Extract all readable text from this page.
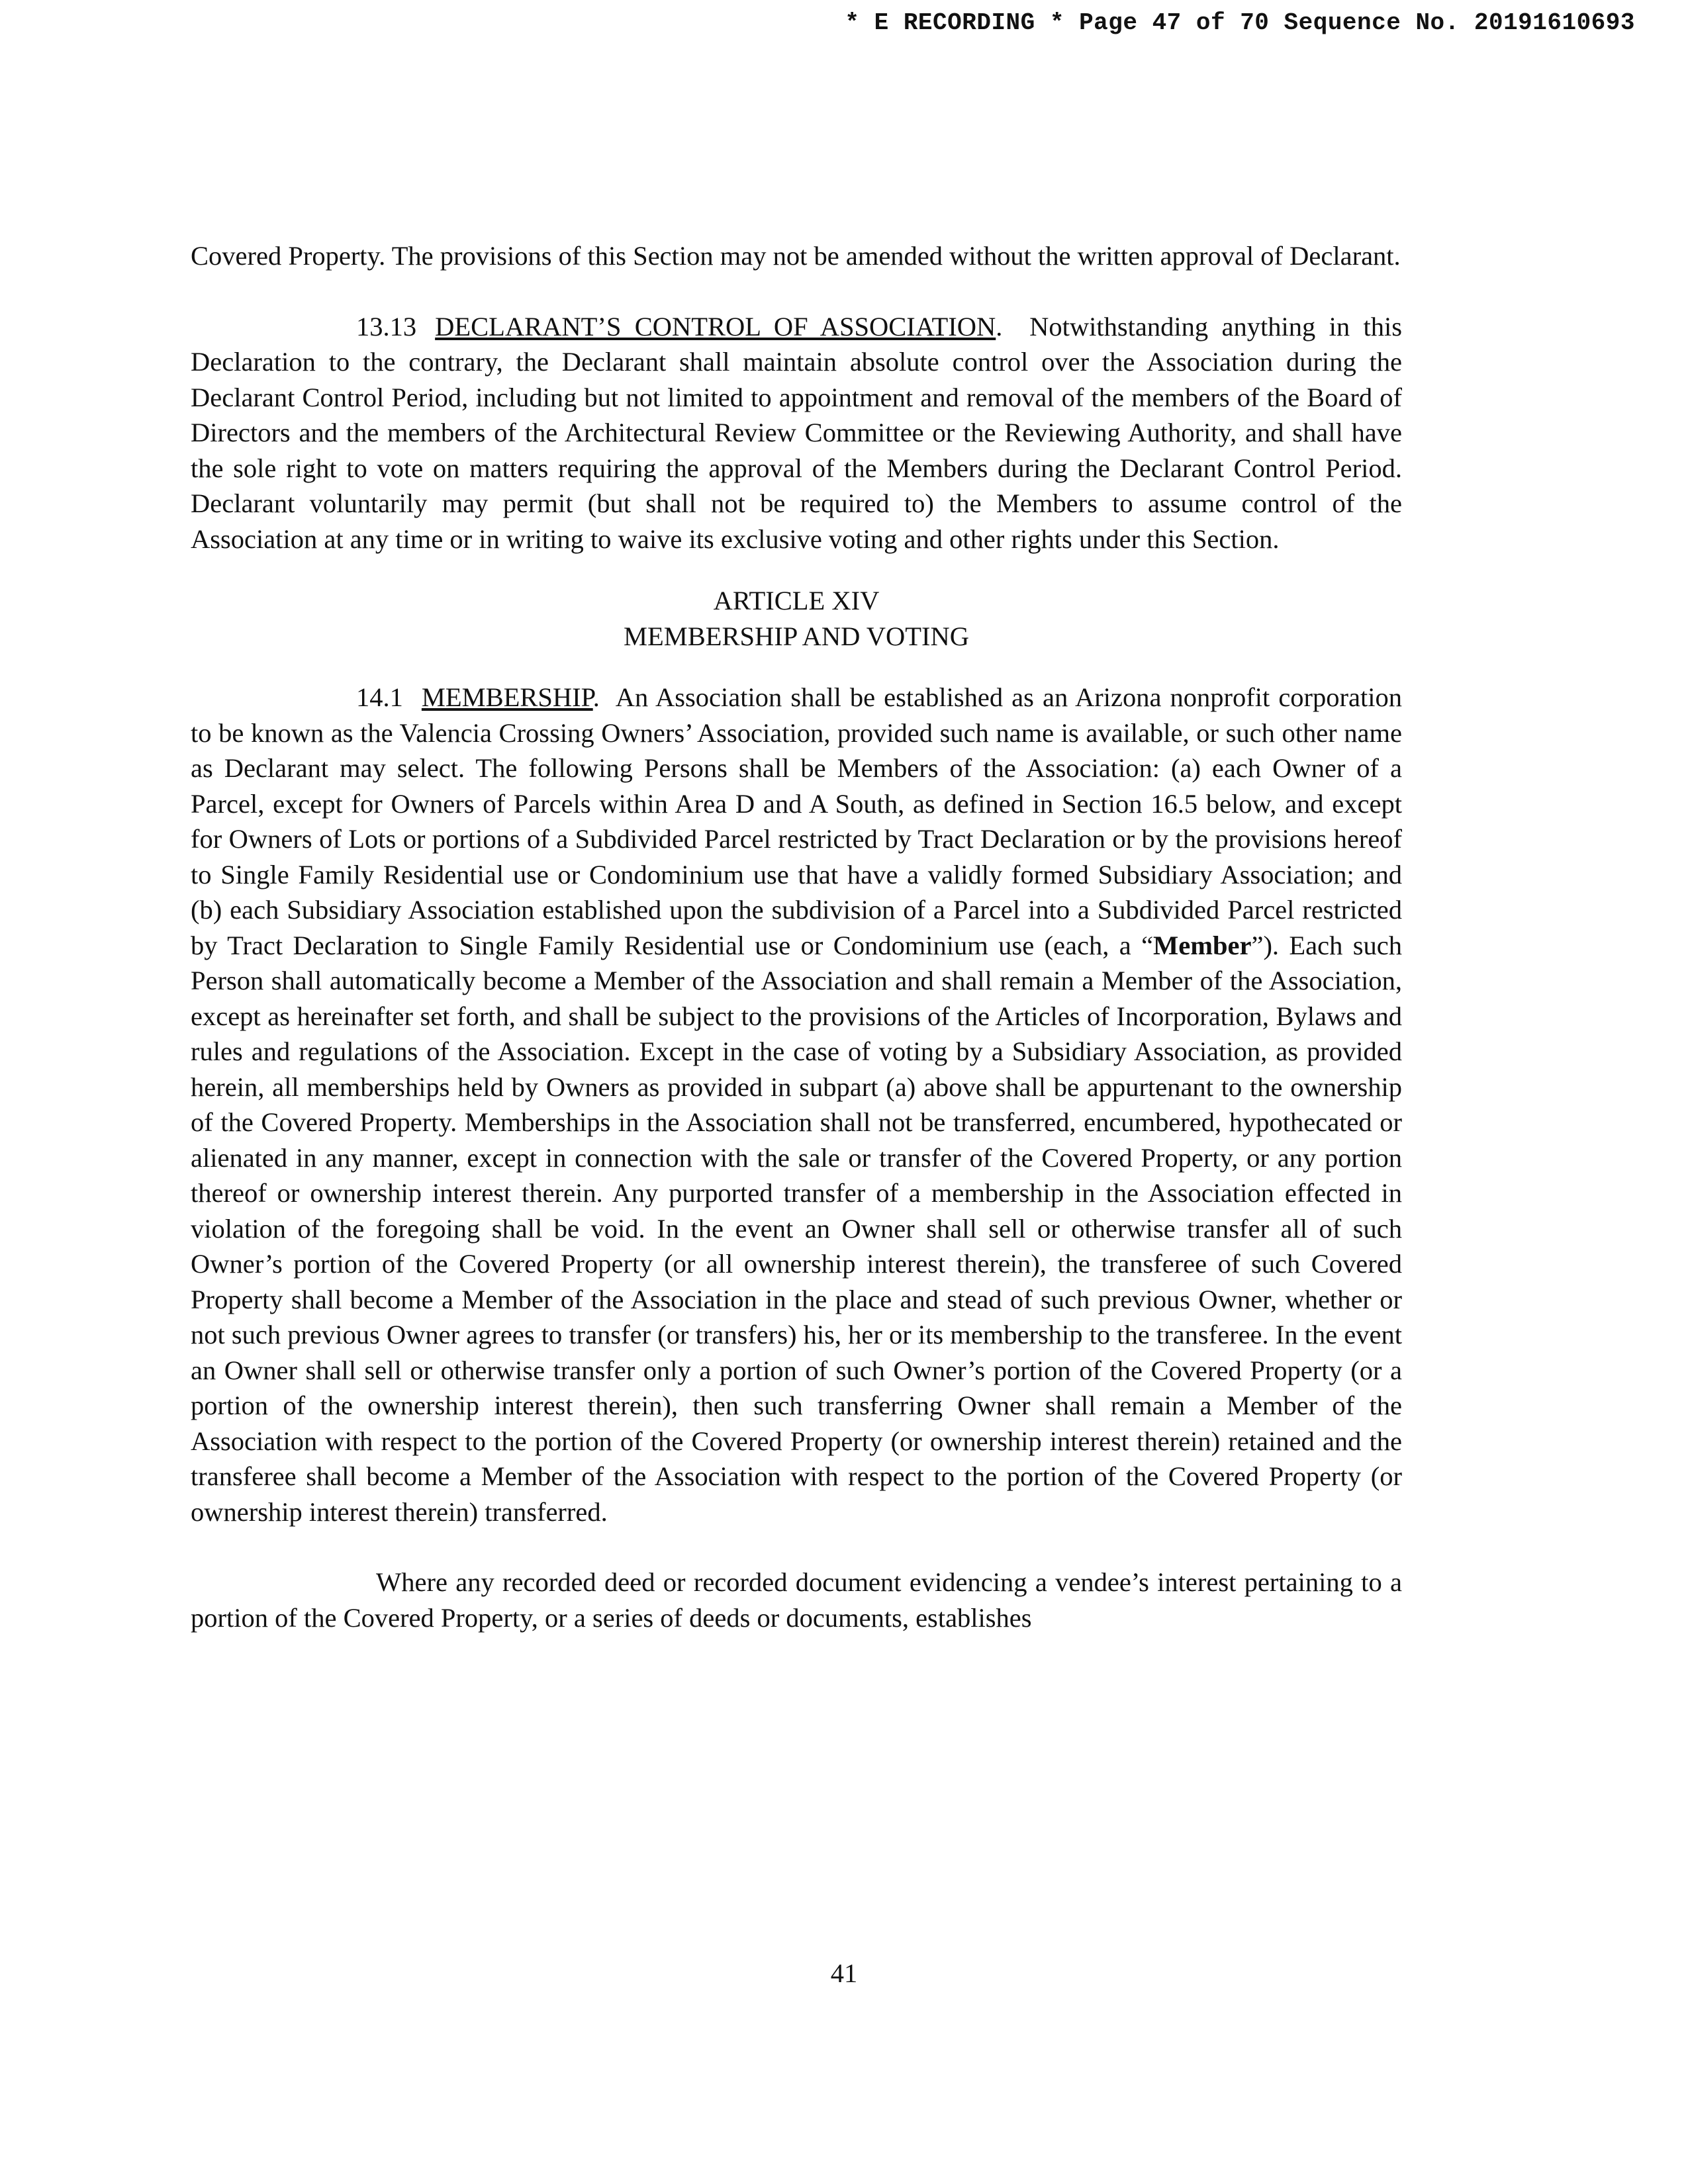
* E RECORDING * Page 47 of 70 Sequence No. 20191610693

Covered Property. The provisions of this Section may not be amended without the written approval of Declarant.

13.13 DECLARANT’S CONTROL OF ASSOCIATION. Notwithstanding anything in this Declaration to the contrary, the Declarant shall maintain absolute control over the Association during the Declarant Control Period, including but not limited to appointment and removal of the members of the Board of Directors and the members of the Architectural Review Committee or the Reviewing Authority, and shall have the sole right to vote on matters requiring the approval of the Members during the Declarant Control Period. Declarant voluntarily may permit (but shall not be required to) the Members to assume control of the Association at any time or in writing to waive its exclusive voting and other rights under this Section.

ARTICLE XIV
MEMBERSHIP AND VOTING

14.1 MEMBERSHIP. An Association shall be established as an Arizona nonprofit corporation to be known as the Valencia Crossing Owners’ Association, provided such name is available, or such other name as Declarant may select. The following Persons shall be Members of the Association: (a) each Owner of a Parcel, except for Owners of Parcels within Area D and A South, as defined in Section 16.5 below, and except for Owners of Lots or portions of a Subdivided Parcel restricted by Tract Declaration or by the provisions hereof to Single Family Residential use or Condominium use that have a validly formed Subsidiary Association; and (b) each Subsidiary Association established upon the subdivision of a Parcel into a Subdivided Parcel restricted by Tract Declaration to Single Family Residential use or Condominium use (each, a “Member”). Each such Person shall automatically become a Member of the Association and shall remain a Member of the Association, except as hereinafter set forth, and shall be subject to the provisions of the Articles of Incorporation, Bylaws and rules and regulations of the Association. Except in the case of voting by a Subsidiary Association, as provided herein, all memberships held by Owners as provided in subpart (a) above shall be appurtenant to the ownership of the Covered Property. Memberships in the Association shall not be transferred, encumbered, hypothecated or alienated in any manner, except in connection with the sale or transfer of the Covered Property, or any portion thereof or ownership interest therein. Any purported transfer of a membership in the Association effected in violation of the foregoing shall be void. In the event an Owner shall sell or otherwise transfer all of such Owner’s portion of the Covered Property (or all ownership interest therein), the transferee of such Covered Property shall become a Member of the Association in the place and stead of such previous Owner, whether or not such previous Owner agrees to transfer (or transfers) his, her or its membership to the transferee. In the event an Owner shall sell or otherwise transfer only a portion of such Owner’s portion of the Covered Property (or a portion of the ownership interest therein), then such transferring Owner shall remain a Member of the Association with respect to the portion of the Covered Property (or ownership interest therein) retained and the transferee shall become a Member of the Association with respect to the portion of the Covered Property (or ownership interest therein) transferred.

Where any recorded deed or recorded document evidencing a vendee’s interest pertaining to a portion of the Covered Property, or a series of deeds or documents, establishes

41
